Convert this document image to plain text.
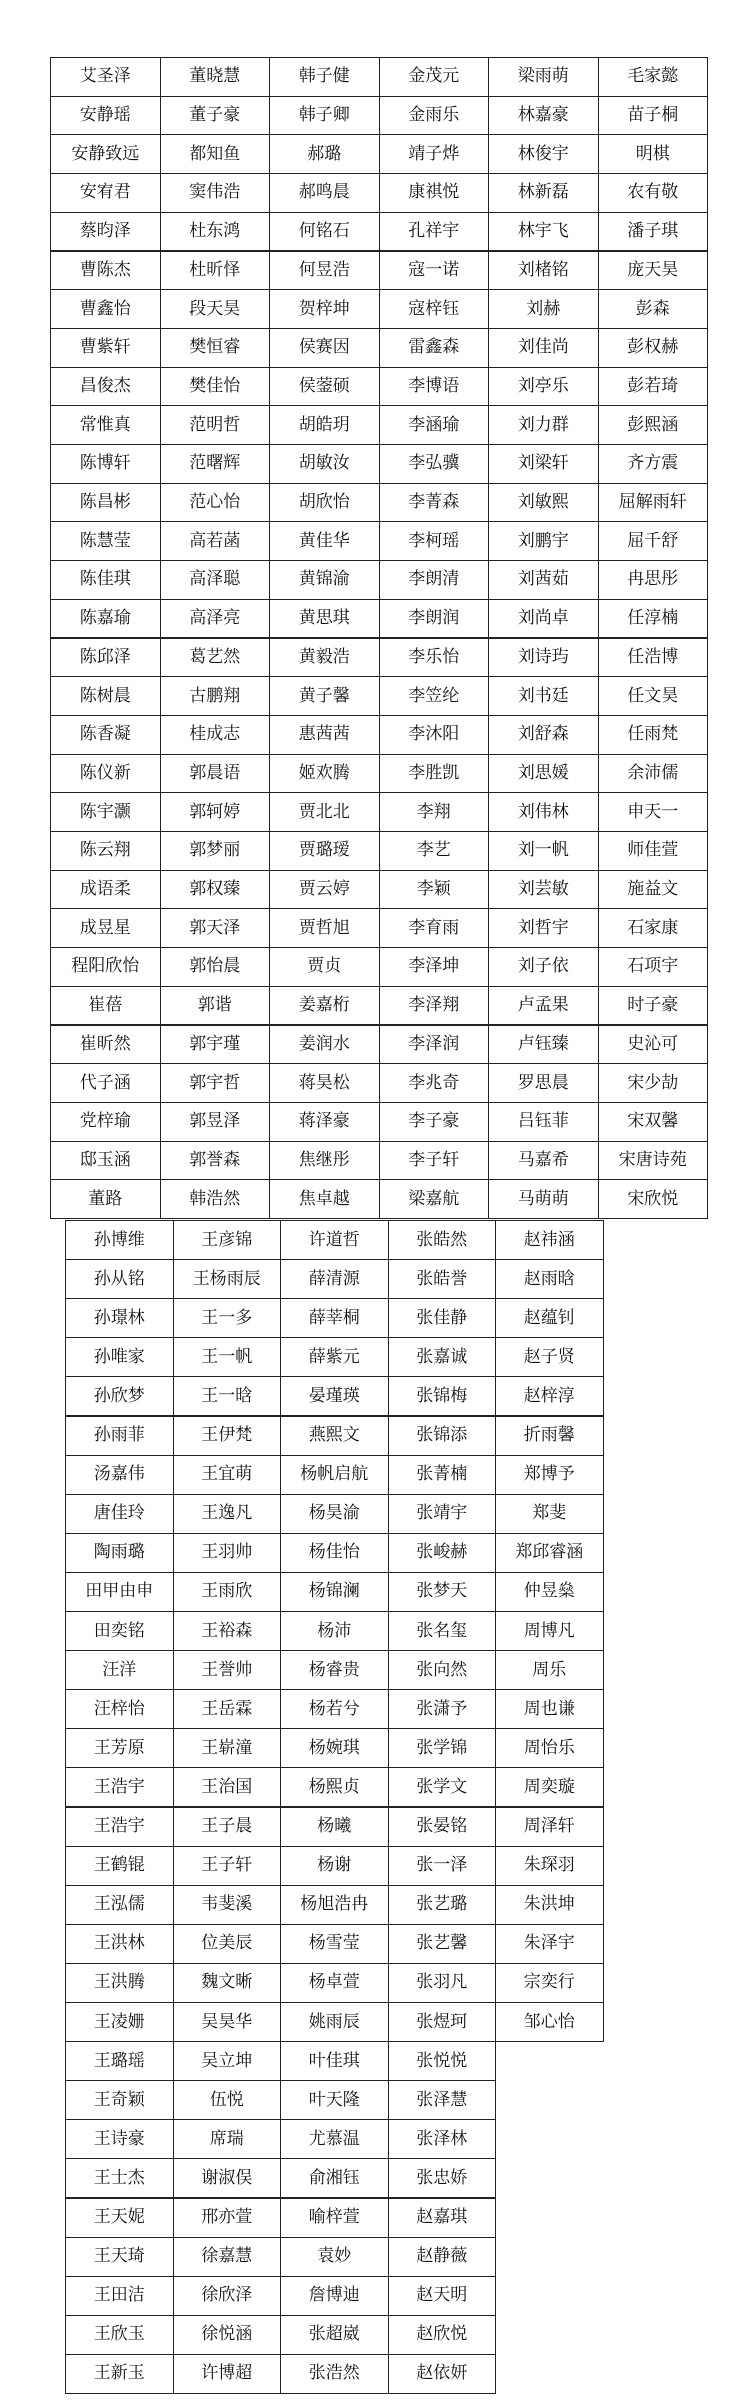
艾圣泽	董晓慧	韩子健	金茂元	梁雨萌	毛家懿
安静瑶	董子豪	韩子卿	金雨乐	林嘉豪	苗子桐
安静致远	都知鱼	郝璐	靖子烨	林俊宇	明棋
安宥君	窦伟浩	郝鸣晨	康祺悦	林新磊	农有敬
蔡昀泽	杜东鸿	何铭石	孔祥宇	林宇飞	潘子琪
曹陈杰	杜昕怿	何昱浩	寇一诺	刘楮铭	庞天昊
曹鑫怡	段天昊	贺梓坤	寇梓钰	刘赫	彭森
曹紫轩	樊恒睿	侯赛因	雷鑫森	刘佳尚	彭权赫
昌俊杰	樊佳怡	侯蓥硕	李博语	刘亭乐	彭若琦
常惟真	范明哲	胡皓玥	李涵瑜	刘力群	彭熙涵
陈博轩	范曙辉	胡敏汝	李弘骥	刘梁轩	齐方震
陈昌彬	范心怡	胡欣怡	李菁森	刘敏熙	屈解雨轩
陈慧莹	高若菡	黄佳华	李柯瑶	刘鹏宇	屈千舒
陈佳琪	高泽聪	黄锦渝	李朗清	刘茜茹	冉思彤
陈嘉瑜	高泽亮	黄思琪	李朗润	刘尚卓	任淳楠
陈邱泽	葛艺然	黄毅浩	李乐怡	刘诗玙	任浩博
陈树晨	古鹏翔	黄子馨	李笠纶	刘书廷	任文昊
陈香凝	桂成志	惠茜茜	李沐阳	刘舒森	任雨梵
陈仪新	郭晨语	姬欢腾	李胜凯	刘思媛	余沛儒
陈宇灏	郭轲婷	贾北北	李翔	刘伟林	申天一
陈云翔	郭梦丽	贾璐瑷	李艺	刘一帆	师佳萱
成语柔	郭权臻	贾云婷	李颖	刘芸敏	施益文
成昱星	郭天泽	贾哲旭	李育雨	刘哲宇	石家康
程阳欣怡	郭怡晨	贾贞	李泽坤	刘子依	石项宇
崔蓓	郭谐	姜嘉桁	李泽翔	卢孟果	时子豪
崔昕然	郭宇瑾	姜润水	李泽润	卢钰臻	史沁可
代子涵	郭宇哲	蒋昊松	李兆奇	罗思晨	宋少劼
党梓瑜	郭昱泽	蒋泽豪	李子豪	吕钰菲	宋双馨
邸玉涵	郭誉森	焦继彤	李子轩	马嘉希	宋唐诗苑
董路	韩浩然	焦卓越	梁嘉航	马萌萌	宋欣悦
孙博维	王彦锦	许道哲	张皓然	赵祎涵
孙从铭	王杨雨辰	薛清源	张皓誉	赵雨晗
孙璟林	王一多	薛莘桐	张佳静	赵蕴钊
孙唯家	王一帆	薛紫元	张嘉诚	赵子贤
孙欣梦	王一晗	晏瑾瑛	张锦梅	赵梓淳
孙雨菲	王伊梵	燕熙文	张锦添	折雨馨
汤嘉伟	王宜萌	杨帆启航	张菁楠	郑博予
唐佳玲	王逸凡	杨昊渝	张靖宇	郑斐
陶雨璐	王羽帅	杨佳怡	张峻赫	郑邱睿涵
田甲由申	王雨欣	杨锦澜	张梦天	仲昱燊
田奕铭	王裕森	杨沛	张名玺	周博凡
汪洋	王誉帅	杨睿贵	张向然	周乐
汪梓怡	王岳霖	杨若兮	张潇予	周也谦
王芳原	王崭潼	杨婉琪	张学锦	周怡乐
王浩宇	王治国	杨熙贞	张学文	周奕璇
王浩宇	王子晨	杨曦	张晏铭	周泽轩
王鹤锟	王子轩	杨谢	张一泽	朱琛羽
王泓儒	韦斐溪	杨旭浩冉	张艺璐	朱洪坤
王洪林	位美辰	杨雪莹	张艺馨	朱泽宇
王洪腾	魏文晰	杨卓萱	张羽凡	宗奕行
王凌姗	吴昊华	姚雨辰	张煜珂	邹心怡
王璐瑶	吴立坤	叶佳琪	张悦悦
王奇颖	伍悦	叶天隆	张泽慧
王诗豪	席瑞	尤慕温	张泽林
王士杰	谢淑俣	俞湘钰	张忠娇
王天妮	邢亦萱	喻梓萱	赵嘉琪
王天琦	徐嘉慧	袁妙	赵静薇
王田洁	徐欣泽	詹博迪	赵天明
王欣玉	徐悦涵	张超崴	赵欣悦
王新玉	许博超	张浩然	赵依妍
